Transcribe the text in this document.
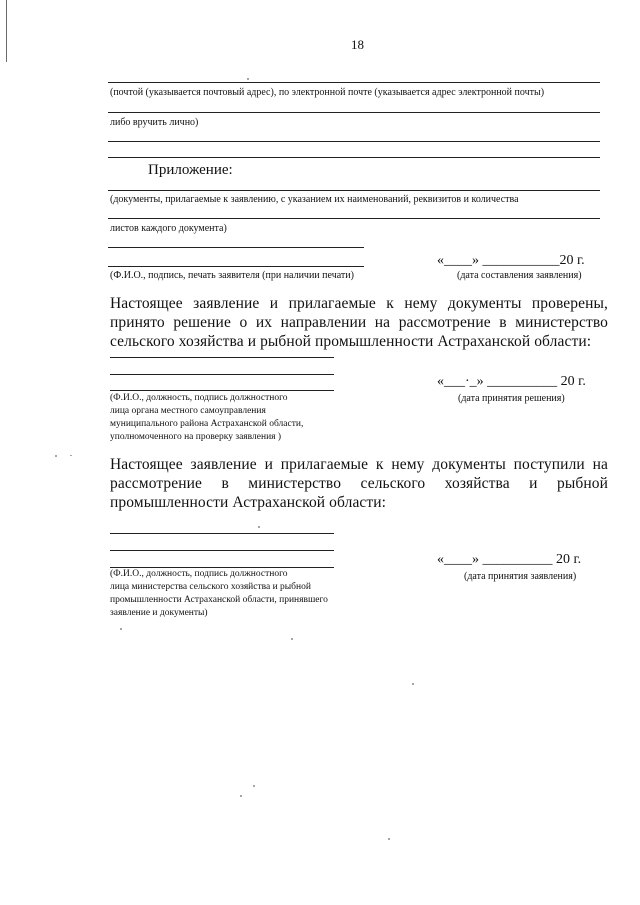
18
(почтой (указывается почтовый адрес), по электронной почте (указывается адрес электронной почты)
либо вручить лично)
Приложение:
(документы, прилагаемые к заявлению, с указанием их наименований, реквизитов и количества
листов каждого документа)
«____» ___________20 г.
(Ф.И.О., подпись, печать заявителя (при наличии печати)	(дата составления заявления)
Настоящее заявление и прилагаемые к нему документы проверены, принято решение о их направлении на рассмотрение в министерство сельского хозяйства и рыбной промышленности Астраханской области:
«___·_» __________ 20 г.
(Ф.И.О., должность, подпись должностного
лица органа местного самоуправления
муниципального района Астраханской области,
уполномоченного на проверку заявления )
(дата принятия решения)
Настоящее заявление и прилагаемые к нему документы поступили на рассмотрение в министерство сельского хозяйства и рыбной промышленности Астраханской области:
«____» __________ 20 г.
(Ф.И.О., должность, подпись должностного
лица министерства сельского хозяйства и рыбной
промышленности Астраханской области, принявшего
заявление и документы)
(дата принятия заявления)
